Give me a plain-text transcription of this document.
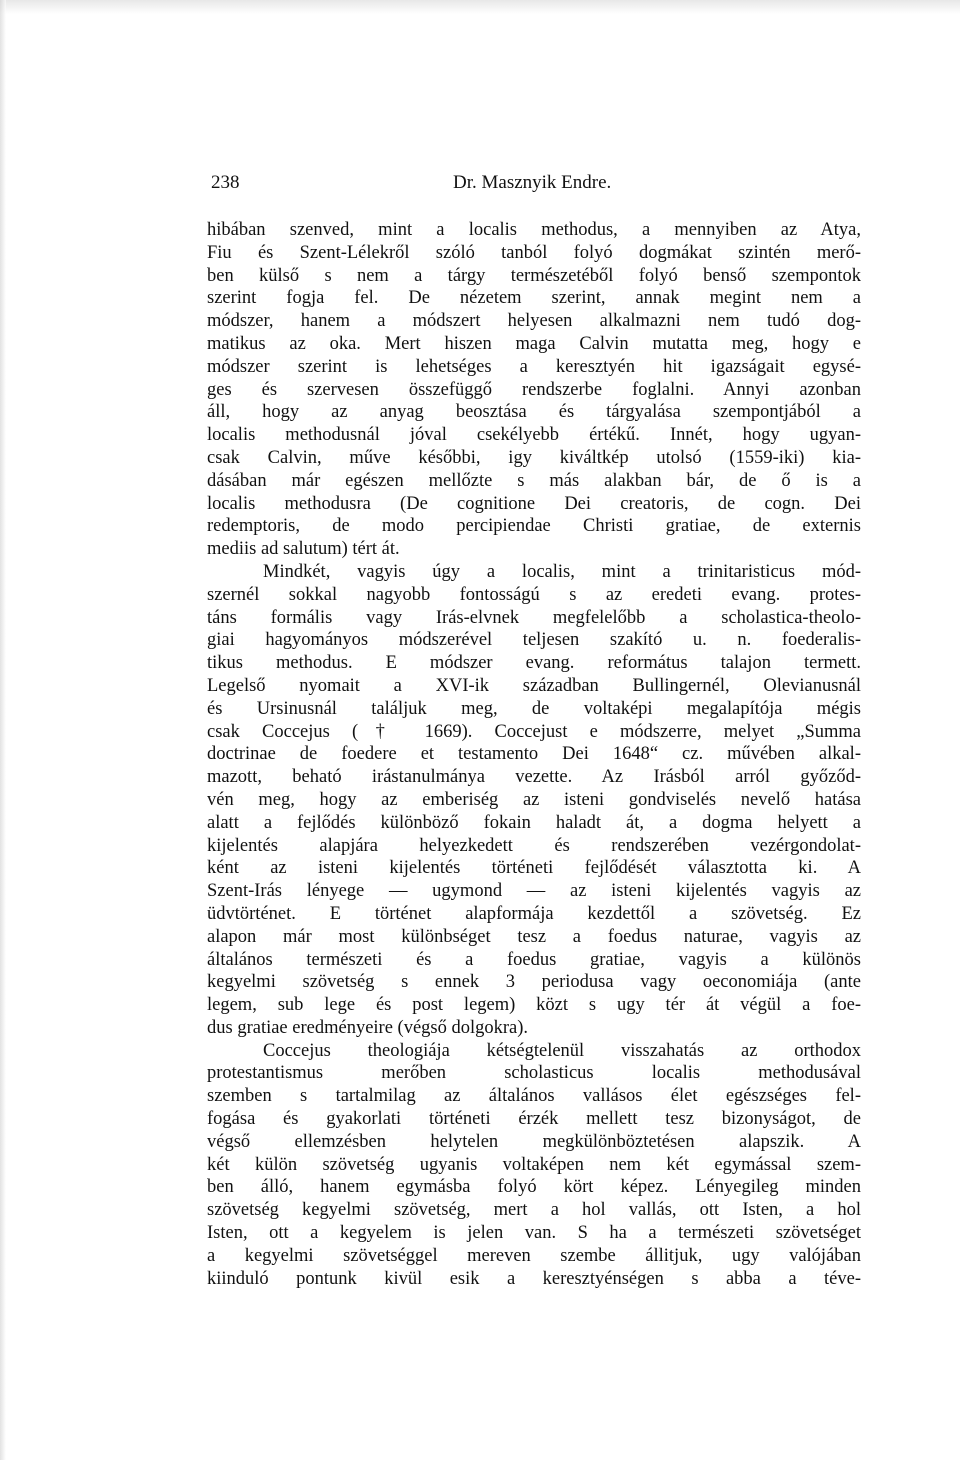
238	Dr. Masznyik Endre.
hibában szenved, mint a localis methodus, a mennyiben az Atya,
Fiu és Szent-Lélekről szóló tanból folyó dogmákat szintén merő-
ben külső s nem a tárgy természetéből folyó benső szempontok
szerint fogja fel. De nézetem szerint, annak megint nem a
módszer, hanem a módszert helyesen alkalmazni nem tudó dog-
matikus az oka. Mert hiszen maga Calvin mutatta meg, hogy e
módszer szerint is lehetséges a keresztyén hit igazságait egysé-
ges és szervesen összefüggő rendszerbe foglalni. Annyi azonban
áll, hogy az anyag beosztása és tárgyalása szempontjából a
localis methodusnál jóval csekélyebb értékű. Innét, hogy ugyan-
csak Calvin, műve későbbi, igy kiváltkép utolsó (1559-iki) kia-
dásában már egészen mellőzte s más alakban bár, de ő is a
localis methodusra (De cognitione Dei creatoris, de cogn. Dei
redemptoris, de modo percipiendae Christi gratiae, de externis
mediis ad salutum) tért át.
Mindkét, vagyis úgy a localis, mint a trinitaristicus mód-
szernél sokkal nagyobb fontosságú s az eredeti evang. protes-
táns formális vagy Irás-elvnek megfelelőbb a scholastica-theolo-
giai hagyományos módszerével teljesen szakító u. n. foederalis-
tikus methodus. E módszer evang. református talajon termett.
Legelső nyomait a XVI-ik században Bullingernél, Olevianusnál
és Ursinusnál találjuk meg, de voltaképi megalapítója mégis
csak Coccejus († 1669). Coccejust e módszerre, melyet „Summa
doctrinae de foedere et testamento Dei 1648“ cz. művében alkal-
mazott, beható irástanulmánya vezette. Az Irásból arról győződ-
vén meg, hogy az emberiség az isteni gondviselés nevelő hatása
alatt a fejlődés különböző fokain haladt át, a dogma helyett a
kijelentés alapjára helyezkedett és rendszerében vezérgondolat-
ként az isteni kijelentés történeti fejlődését választotta ki. A
Szent-Irás lényege — ugymond — az isteni kijelentés vagyis az
üdvtörténet. E történet alapformája kezdettől a szövetség. Ez
alapon már most különbséget tesz a foedus naturae, vagyis az
általános természeti és a foedus gratiae, vagyis a különös
kegyelmi szövetség s ennek 3 periodusa vagy oeconomiája (ante
legem, sub lege és post legem) közt s ugy tér át végül a foe-
dus gratiae eredményeire (végső dolgokra).
Coccejus theologiája kétségtelenül visszahatás az orthodox
protestantismus merőben scholasticus localis methodusával
szemben s tartalmilag az általános vallásos élet egészséges fel-
fogása és gyakorlati történeti érzék mellett tesz bizonyságot, de
végső ellemzésben helytelen megkülönböztetésen alapszik. A
két külön szövetség ugyanis voltaképen nem két egymással szem-
ben álló, hanem egymásba folyó kört képez. Lényegileg minden
szövetség kegyelmi szövetség, mert a hol vallás, ott Isten, a hol
Isten, ott a kegyelem is jelen van. S ha a természeti szövetséget
a kegyelmi szövetséggel mereven szembe állitjuk, ugy valójában
kiinduló pontunk kivül esik a keresztyénségen s abba a téve-
